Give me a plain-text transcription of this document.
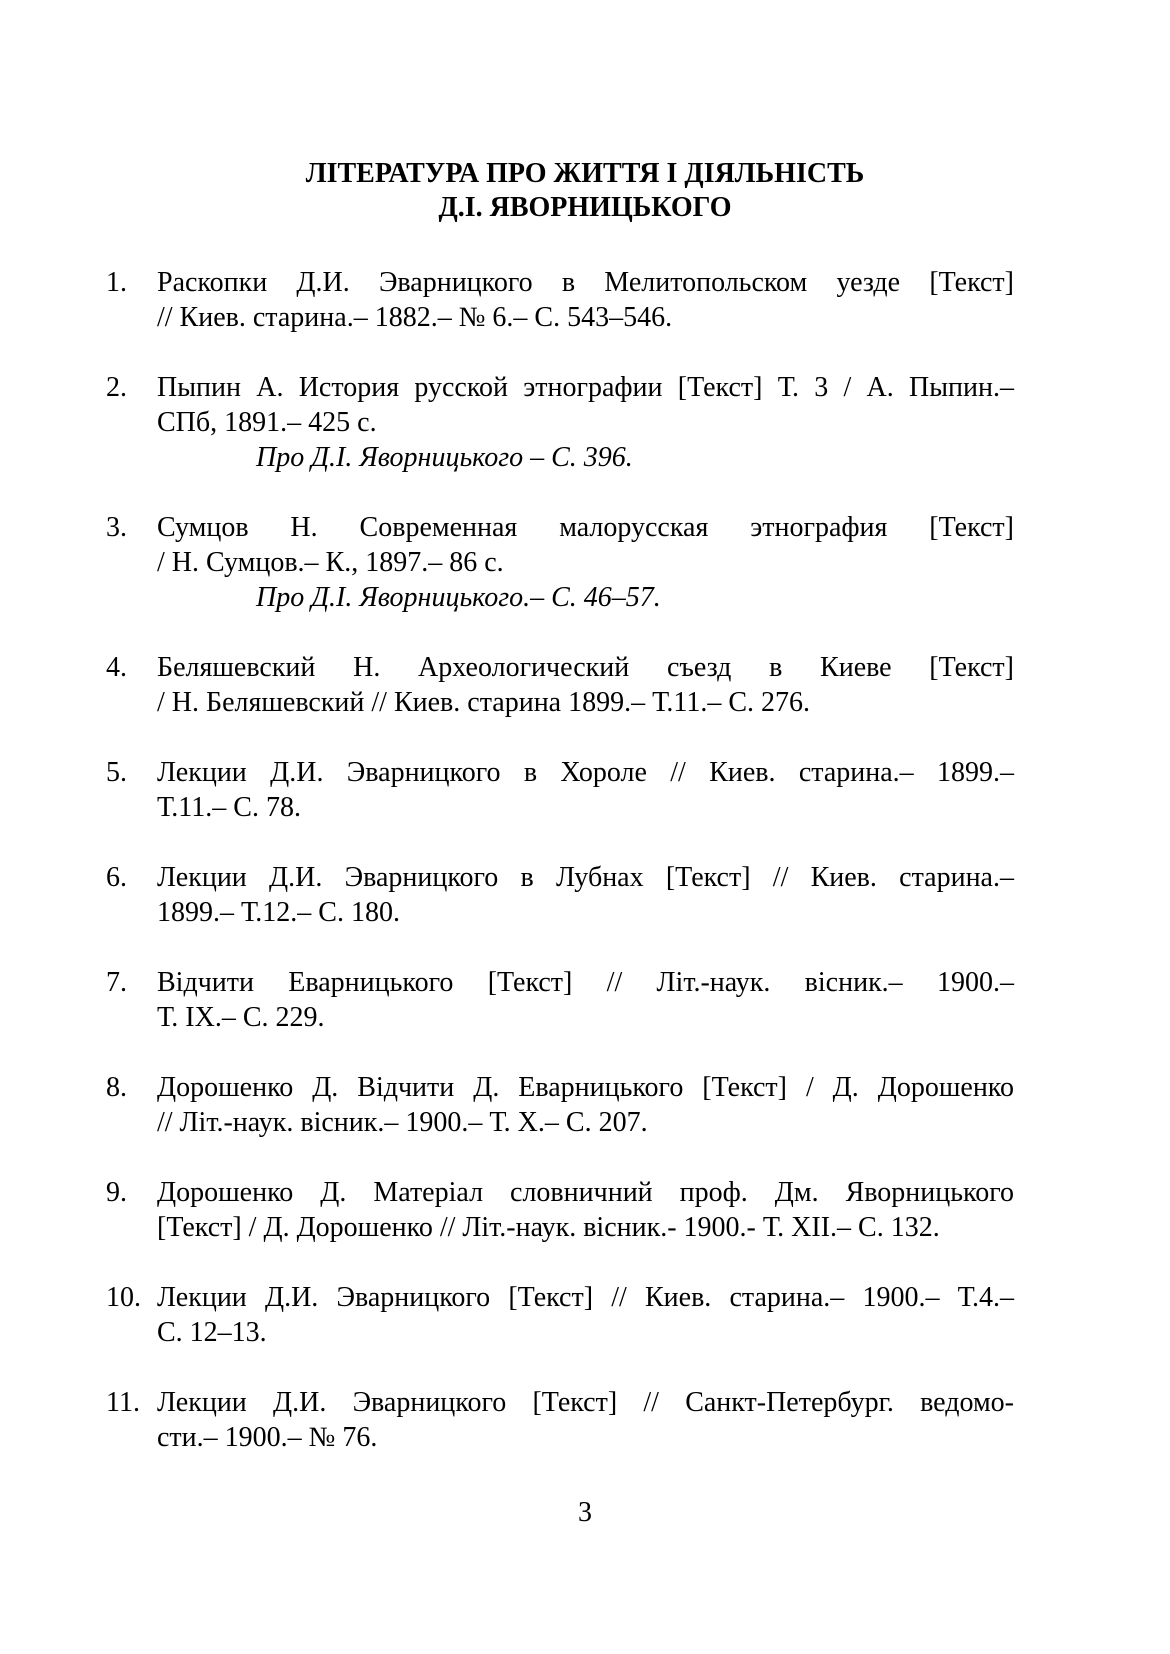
ЛІТЕРАТУРА ПРО ЖИТТЯ І ДІЯЛЬНІСТЬ
Д.І. ЯВОРНИЦЬКОГО
1. Раскопки Д.И. Эварницкого в Мелитопольском уезде [Текст]
// Киев. старина.– 1882.– № 6.– С. 543–546.
2. Пыпин А. История русской этнографии [Текст] Т. 3 / А. Пыпин.–
СПб, 1891.– 425 с.
Про Д.І. Яворницького – С. 396.
3. Сумцов Н. Современная малорусская этнография [Текст]
/ Н. Сумцов.– К., 1897.– 86 с.
Про Д.І. Яворницького.– С. 46–57.
4. Беляшевский Н. Археологический съезд в Киеве [Текст]
/ Н. Беляшевский // Киев. старина 1899.– Т.11.– С. 276.
5. Лекции Д.И. Эварницкого в Хороле // Киев. старина.– 1899.–
Т.11.– С. 78.
6. Лекции Д.И. Эварницкого в Лубнах [Текст] // Киев. старина.–
1899.– Т.12.– С. 180.
7. Відчити Еварницького [Текст] // Літ.-наук. вісник.– 1900.–
Т. ІХ.– С. 229.
8. Дорошенко Д. Відчити Д. Еварницького [Текст] / Д. Дорошенко
// Літ.-наук. вісник.– 1900.– Т. Х.– С. 207.
9. Дорошенко Д. Матеріал словничний проф. Дм. Яворницького
[Текст] / Д. Дорошенко // Літ.-наук. вісник.- 1900.- Т. ХІІ.– С. 132.
10. Лекции Д.И. Эварницкого [Текст] // Киев. старина.– 1900.– Т.4.–
С. 12–13.
11. Лекции Д.И. Эварницкого [Текст] // Санкт-Петербург. ведомо-
сти.– 1900.– № 76.
3
